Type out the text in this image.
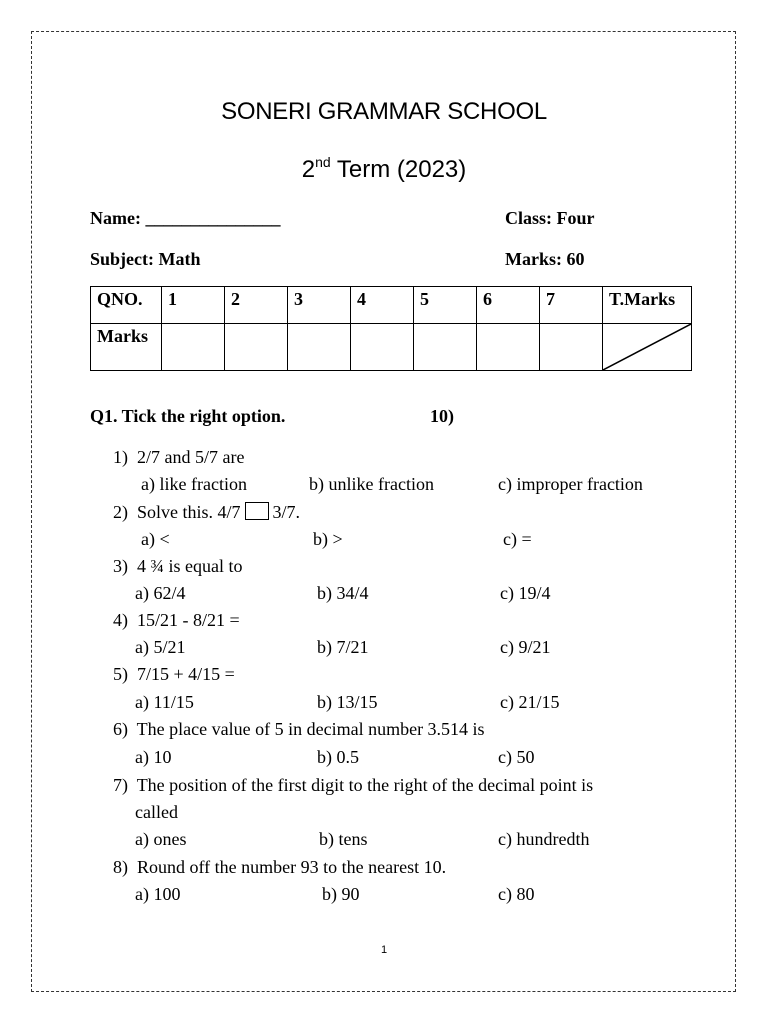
SONERI GRAMMAR SCHOOL
2nd Term (2023)
Name: _______________	Class: Four
Subject: Math	Marks: 60
QNO.	1	2	3	4	5	6	7	T.Marks
Marks								
Q1. Tick the right option.	10)
1) 2/7 and 5/7 are
a) like fraction	b) unlike fraction	c) improper fraction
2) Solve this. 4/7 3/7.
a) <	b) >	c) =
3) 4 ¾ is equal to
a) 62/4	b) 34/4	c) 19/4
4) 15/21 - 8/21 =
a) 5/21	b) 7/21	c) 9/21
5) 7/15 + 4/15 =
a) 11/15	b) 13/15	c) 21/15
6)  The place value of 5 in decimal number 3.514 is
a) 10	b) 0.5	c) 50
7) The position of the first digit to the right of the decimal point is
called
a) ones	b) tens	c) hundredth
8) Round off the number 93 to the nearest 10.
a) 100	b) 90	c) 80
1
